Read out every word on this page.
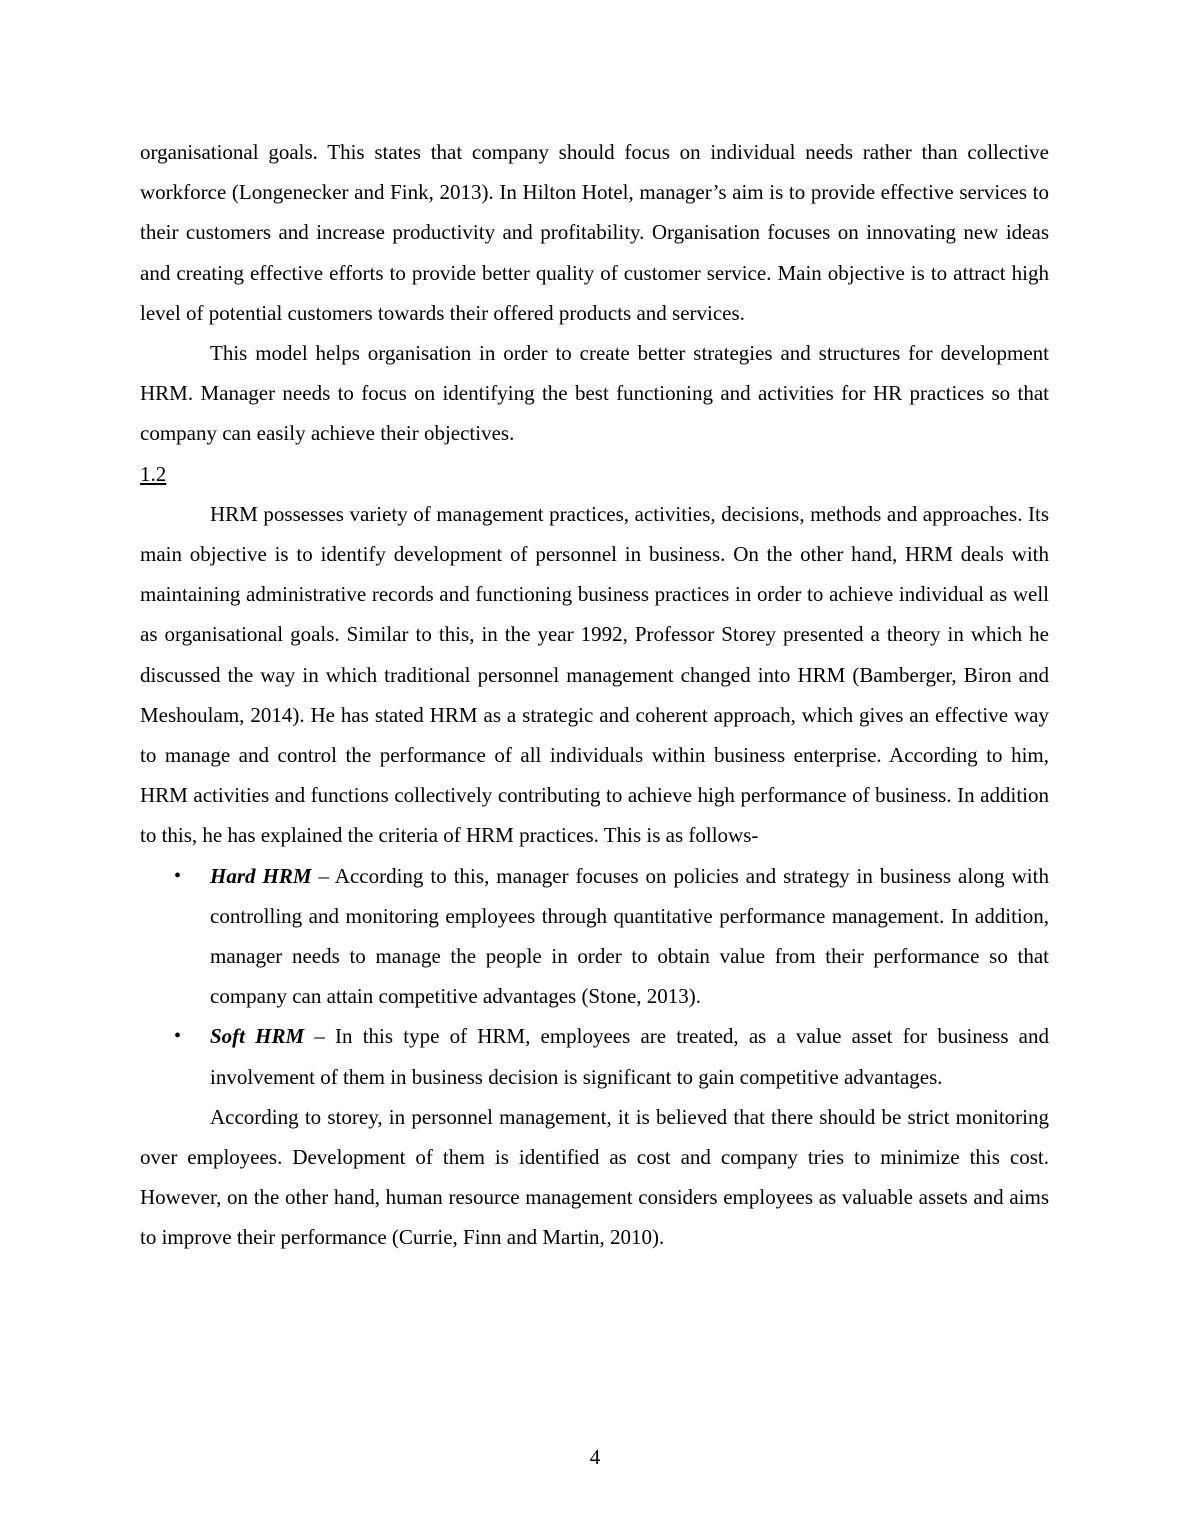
organisational goals. This states that company should focus on individual needs rather than collective workforce (Longenecker and Fink, 2013). In Hilton Hotel, manager’s aim is to provide effective services to their customers and increase productivity and profitability. Organisation focuses on innovating new ideas and creating effective efforts to provide better quality of customer service. Main objective is to attract high level of potential customers towards their offered products and services.

This model helps organisation in order to create better strategies and structures for development HRM. Manager needs to focus on identifying the best functioning and activities for HR practices so that company can easily achieve their objectives.

1.2

HRM possesses variety of management practices, activities, decisions, methods and approaches. Its main objective is to identify development of personnel in business. On the other hand, HRM deals with maintaining administrative records and functioning business practices in order to achieve individual as well as organisational goals. Similar to this, in the year 1992, Professor Storey presented a theory in which he discussed the way in which traditional personnel management changed into HRM (Bamberger, Biron and Meshoulam, 2014). He has stated HRM as a strategic and coherent approach, which gives an effective way to manage and control the performance of all individuals within business enterprise. According to him, HRM activities and functions collectively contributing to achieve high performance of business. In addition to this, he has explained the criteria of HRM practices. This is as follows-

• Hard HRM – According to this, manager focuses on policies and strategy in business along with controlling and monitoring employees through quantitative performance management. In addition, manager needs to manage the people in order to obtain value from their performance so that company can attain competitive advantages (Stone, 2013).
• Soft HRM – In this type of HRM, employees are treated, as a value asset for business and involvement of them in business decision is significant to gain competitive advantages.

According to storey, in personnel management, it is believed that there should be strict monitoring over employees. Development of them is identified as cost and company tries to minimize this cost. However, on the other hand, human resource management considers employees as valuable assets and aims to improve their performance (Currie, Finn and Martin, 2010).

4
